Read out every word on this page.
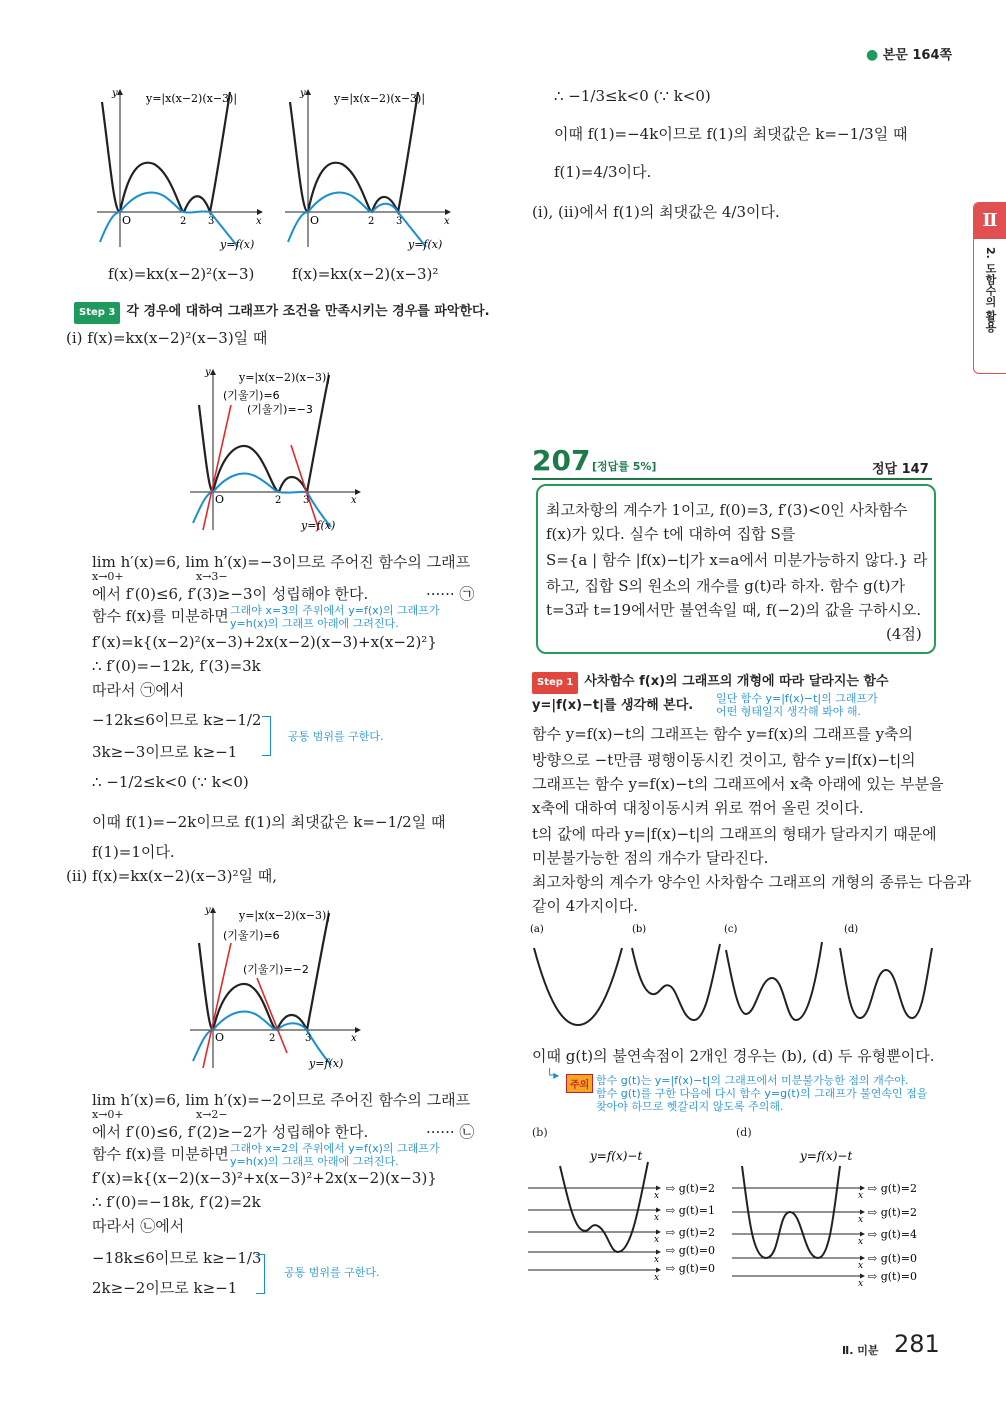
● 본문 164쪽
Ⅱ
2. 도함수의 활용
y	y=|x(x−2)(x−3)|
O	2 3	x
y=f(x)
y	y=|x(x−2)(x−3)|
O	2 3	x
y=f(x)
f(x)=kx(x−2)²(x−3)	f(x)=kx(x−2)(x−3)²
Step 3 각 경우에 대하여 그래프가 조건을 만족시키는 경우를 파악한다.
(ⅰ) f(x)=kx(x−2)²(x−3)일 때
y	y=|x(x−2)(x−3)|
(기울기)=6
(기울기)=−3
O	2 3	x
y=f(x)
lim h′(x)=6, lim h′(x)=−3이므로 주어진 함수의 그래프
x→0+	x→3−
에서 f′(0)≤6, f′(3)≥−3이 성립해야 한다.	······ ㉠
함수 f(x)를 미분하면 그래야 x=3의 주위에서 y=f(x)의 그래프가
y=h(x)의 그래프 아래에 그려진다.
f′(x)=k{(x−2)²(x−3)+2x(x−2)(x−3)+x(x−2)²}
∴ f′(0)=−12k, f′(3)=3k
따라서 ㉠에서
−12k≤6이므로 k≥−1/2
3k≥−3이므로 k≥−1
공통 범위를 구한다.
∴ −1/2≤k<0 (∵ k<0)
이때 f(1)=−2k이므로 f(1)의 최댓값은 k=−1/2일 때
f(1)=1이다.
(ⅱ) f(x)=kx(x−2)(x−3)²일 때,
y	y=|x(x−2)(x−3)|
(기울기)=6
(기울기)=−2
O	2	3	x
y=f(x)
lim h′(x)=6, lim h′(x)=−2이므로 주어진 함수의 그래프
x→0+	x→2−
에서 f′(0)≤6, f′(2)≥−2가 성립해야 한다.	······ ㉡
함수 f(x)를 미분하면 그래야 x=2의 주위에서 y=f(x)의 그래프가
y=h(x)의 그래프 아래에 그려진다.
f′(x)=k{(x−2)(x−3)²+x(x−3)²+2x(x−2)(x−3)}
∴ f′(0)=−18k, f′(2)=2k
따라서 ㉡에서
−18k≤6이므로 k≥−1/3
2k≥−2이므로 k≥−1
공통 범위를 구한다.
∴ −1/3≤k<0 (∵ k<0)
이때 f(1)=−4k이므로 f(1)의 최댓값은 k=−1/3일 때
f(1)=4/3이다.
(ⅰ), (ⅱ)에서 f(1)의 최댓값은 4/3이다.
207 [정답률 5%]	정답 147
최고차항의 계수가 1이고, f(0)=3, f′(3)<0인 사차함수
f(x)가 있다. 실수 t에 대하여 집합 S를
S={a | 함수 |f(x)−t|가 x=a에서 미분가능하지 않다.} 라
하고, 집합 S의 원소의 개수를 g(t)라 하자. 함수 g(t)가
t=3과 t=19에서만 불연속일 때, f(−2)의 값을 구하시오.
(4점)
Step 1 사차함수 f(x)의 그래프의 개형에 따라 달라지는 함수
y=|f(x)−t|를 생각해 본다. 일단 함수 y=|f(x)−t|의 그래프가
어떤 형태일지 생각해 봐야 해.
함수 y=f(x)−t의 그래프는 함수 y=f(x)의 그래프를 y축의
방향으로 −t만큼 평행이동시킨 것이고, 함수 y=|f(x)−t|의
그래프는 함수 y=f(x)−t의 그래프에서 x축 아래에 있는 부분을
x축에 대하여 대칭이동시켜 위로 꺾어 올린 것이다.
t의 값에 따라 y=|f(x)−t|의 그래프의 형태가 달라지기 때문에
미분불가능한 점의 개수가 달라진다.
최고차항의 계수가 양수인 사차함수 그래프의 개형의 종류는 다음과
같이 4가지이다.
(a)	(b)	(c)	(d)
이때 g(t)의 불연속점이 2개인 경우는 (b), (d) 두 유형뿐이다.
└▸
주의 함수 g(t)는 y=|f(x)−t|의 그래프에서 미분불가능한 점의 개수야.
함수 g(t)를 구한 다음에 다시 함수 y=g(t)의 그래프가 불연속인 점을
찾아야 하므로 헷갈리지 않도록 주의해.
(b)	(d)
y=f(x)−t
x
x
x
x
x
⇨ g(t)=2
⇨ g(t)=1
⇨ g(t)=2
⇨ g(t)=0
⇨ g(t)=0
y=f(x)−t
x
x
x
x
x
⇨ g(t)=2
⇨ g(t)=2
⇨ g(t)=4
⇨ g(t)=0
⇨ g(t)=0
Ⅱ. 미분 281
